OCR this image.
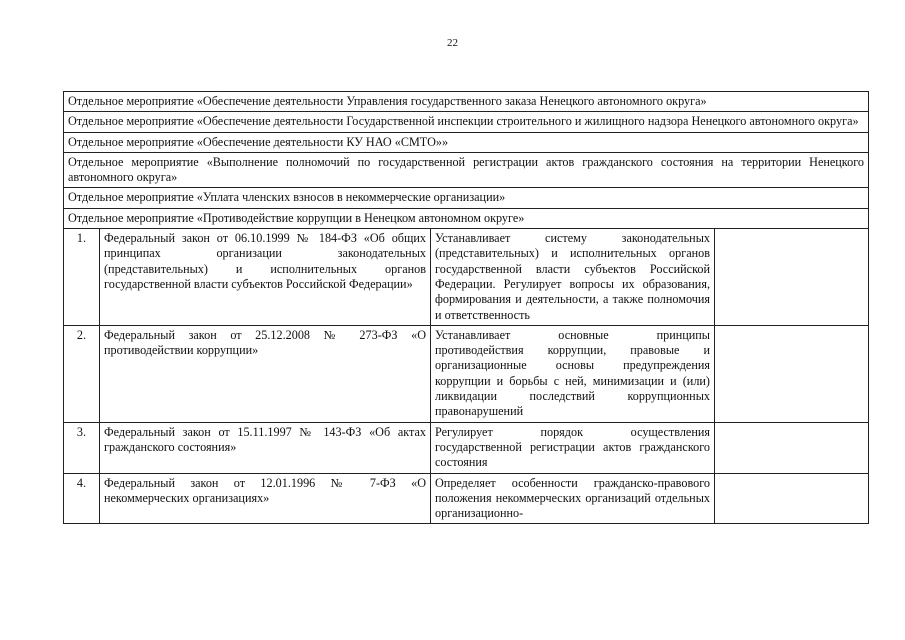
22
Отдельное мероприятие «Обеспечение деятельности Управления государственного заказа Ненецкого автономного округа»			
Отдельное мероприятие «Обеспечение деятельности Государственной инспекции строительного и жилищного надзора Ненецкого автономного округа»			
Отдельное мероприятие «Обеспечение деятельности КУ НАО «СМТО»»			
Отдельное мероприятие «Выполнение полномочий по государственной регистрации актов гражданского состояния на территории Ненецкого автономного округа»			
Отдельное мероприятие «Уплата членских взносов в некоммерческие организации»			
Отдельное мероприятие «Противодействие коррупции в Ненецком автономном округе»			
1.	Федеральный закон от 06.10.1999 № 184-ФЗ «Об общих принципах организации законодательных (представительных) и исполнительных органов государственной власти субъектов Российской Федерации»	Устанавливает систему законодательных (представительных) и исполнительных органов государственной власти субъектов Российской Федерации. Регулирует вопросы их образования, формирования и деятельности, а также полномочия и ответственность	
2.	Федеральный закон от 25.12.2008 № 273-ФЗ «О противодействии коррупции»	Устанавливает основные принципы противодействия коррупции, правовые и организационные основы предупреждения коррупции и борьбы с ней, минимизации и (или) ликвидации последствий коррупционных правонарушений	
3.	Федеральный закон от 15.11.1997 № 143-ФЗ «Об актах гражданского состояния»	Регулирует порядок осуществления государственной регистрации актов гражданского состояния	
4.	Федеральный закон от 12.01.1996 № 7-ФЗ «О некоммерческих организациях»	Определяет особенности гражданско-правового положения некоммерческих организаций отдельных организационно-	
